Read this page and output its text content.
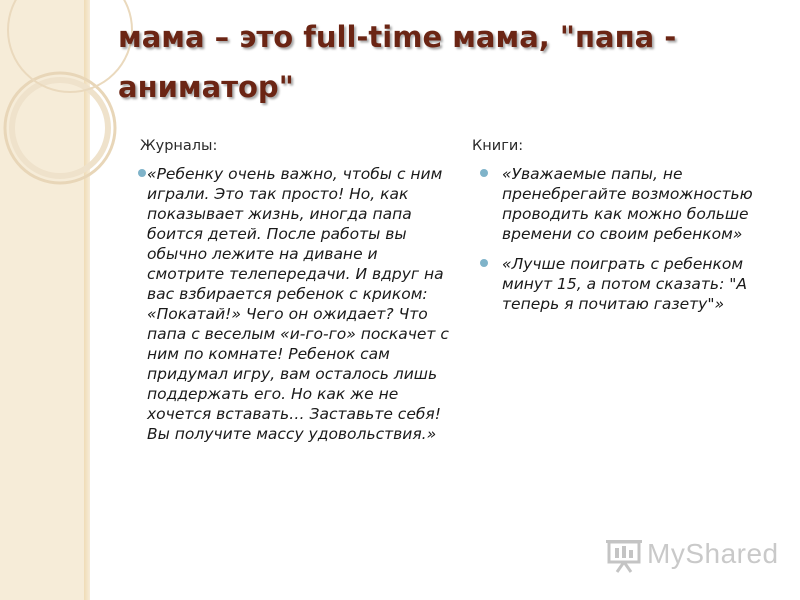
мама – это full-time мама, "папа - аниматор"

Журналы:

«Ребенку очень важно, чтобы с ним играли. Это так просто! Но, как показывает жизнь, иногда папа боится детей. После работы вы обычно лежите на диване и смотрите телепередачи. И вдруг на вас взбирается ребенок с криком: «Покатай!» Чего он ожидает? Что папа с веселым «и-го-го» поскачет с ним по комнате! Ребенок сам придумал игру, вам осталось лишь поддержать его. Но как же не хочется вставать… Заставьте себя! Вы получите массу удовольствия.»

Книги:

«Уважаемые папы, не пренебрегайте возможностью проводить как можно больше времени со своим ребенком»
«Лучше поиграть с ребенком минут 15, а потом сказать: "А теперь я почитаю газету"»
MyShared
